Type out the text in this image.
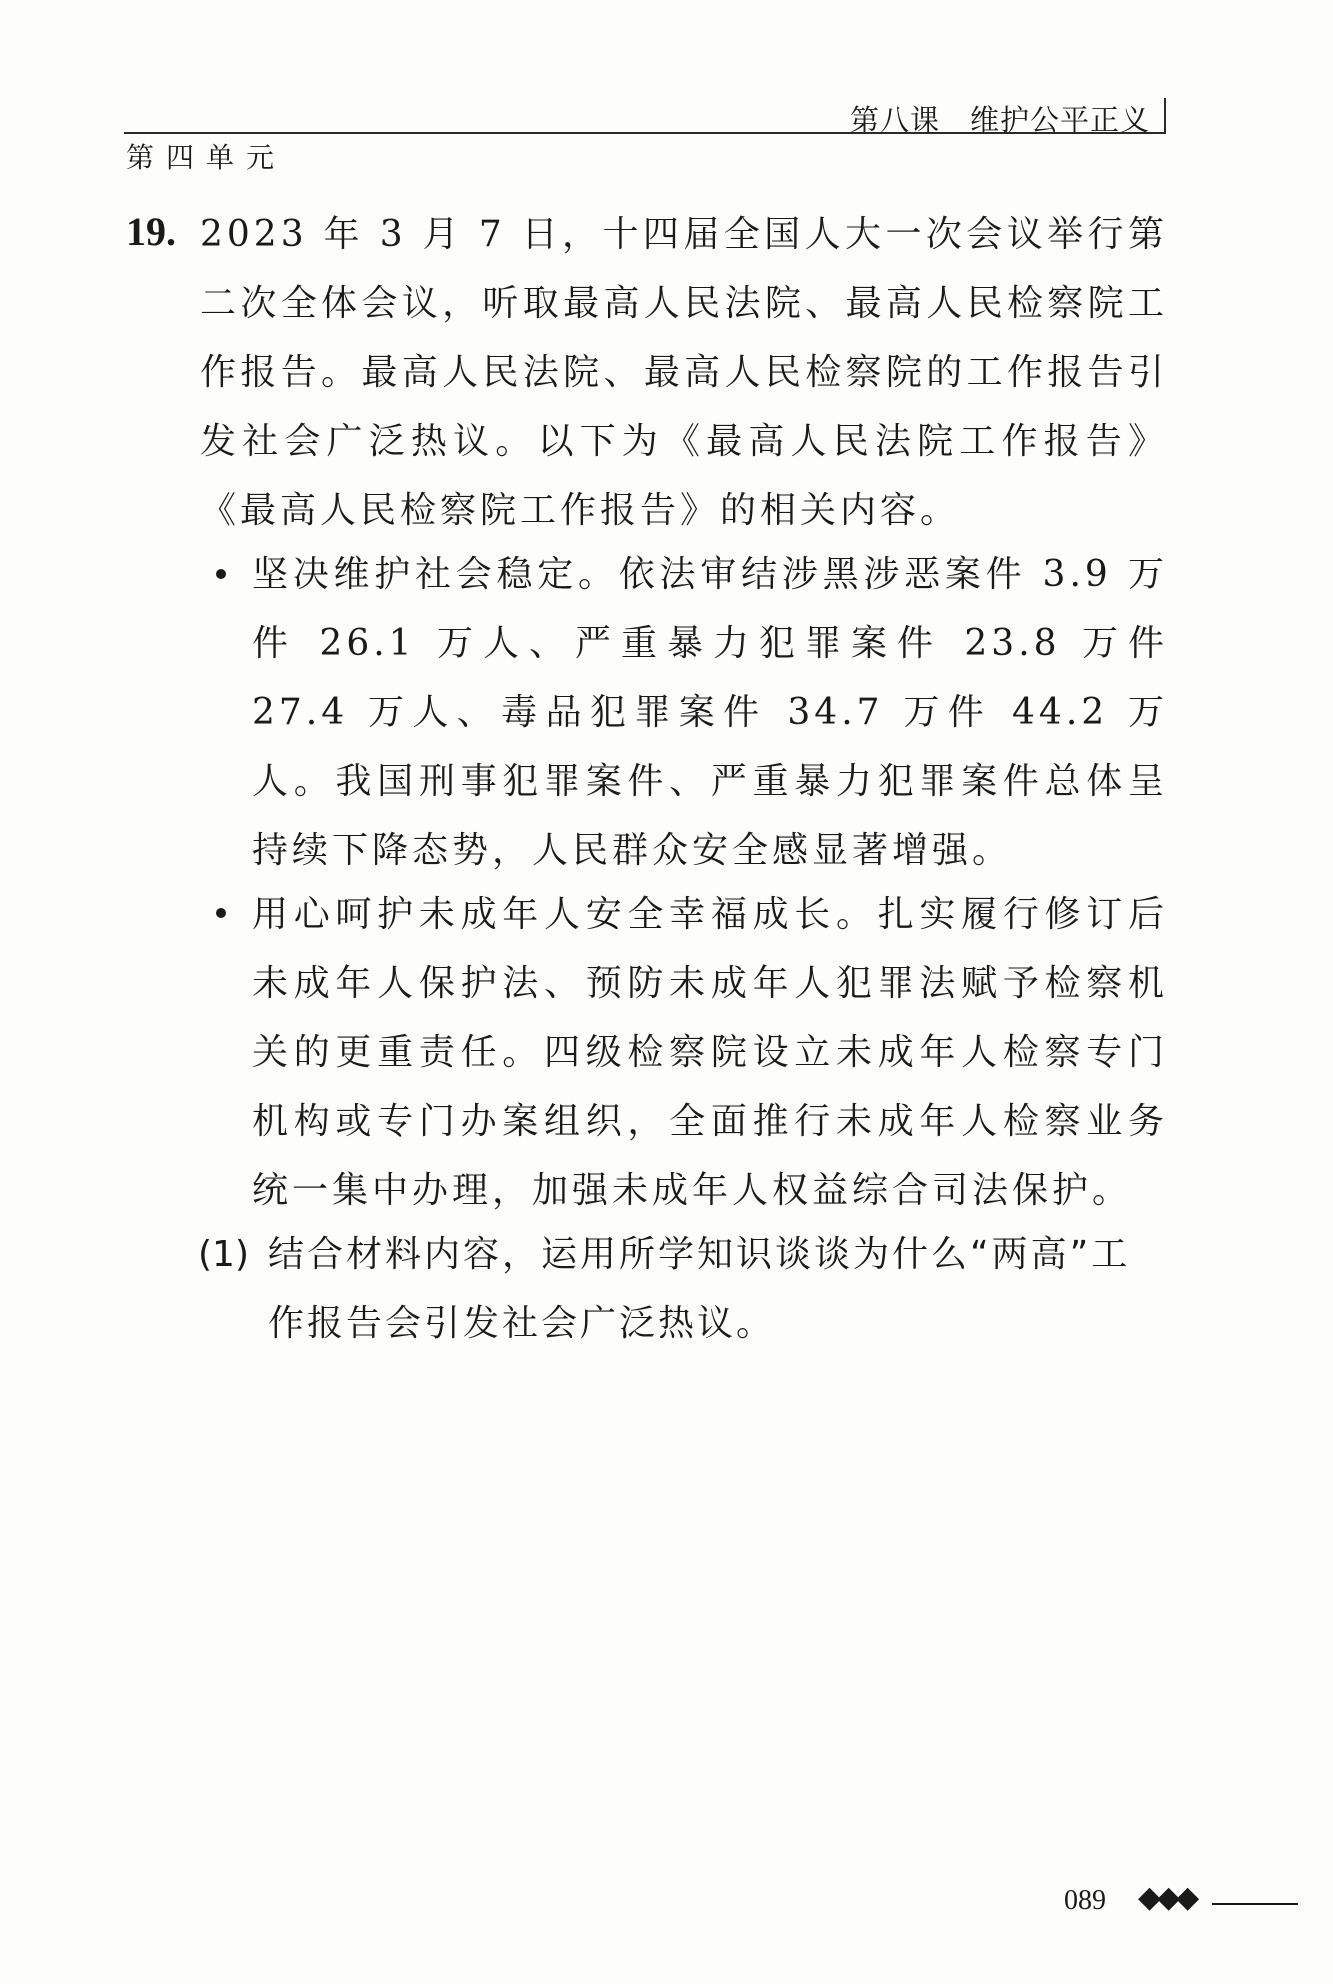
第八课　维护公平正义
第四单元
19. 2023 年 3 月 7 日，十四届全国人大一次会议举行第二次全体会议，听取最高人民法院、最高人民检察院工作报告。最高人民法院、最高人民检察院的工作报告引发社会广泛热议。以下为《最高人民法院工作报告》《最高人民检察院工作报告》的相关内容。
坚决维护社会稳定。依法审结涉黑涉恶案件 3.9 万件 26.1 万人、严重暴力犯罪案件 23.8 万件 27.4 万人、毒品犯罪案件 34.7 万件 44.2 万人。我国刑事犯罪案件、严重暴力犯罪案件总体呈持续下降态势，人民群众安全感显著增强。
用心呵护未成年人安全幸福成长。扎实履行修订后未成年人保护法、预防未成年人犯罪法赋予检察机关的更重责任。四级检察院设立未成年人检察专门机构或专门办案组织，全面推行未成年人检察业务统一集中办理，加强未成年人权益综合司法保护。
(1) 结合材料内容，运用所学知识谈谈为什么“两高”工作报告会引发社会广泛热议。
089 ◆◆◆
